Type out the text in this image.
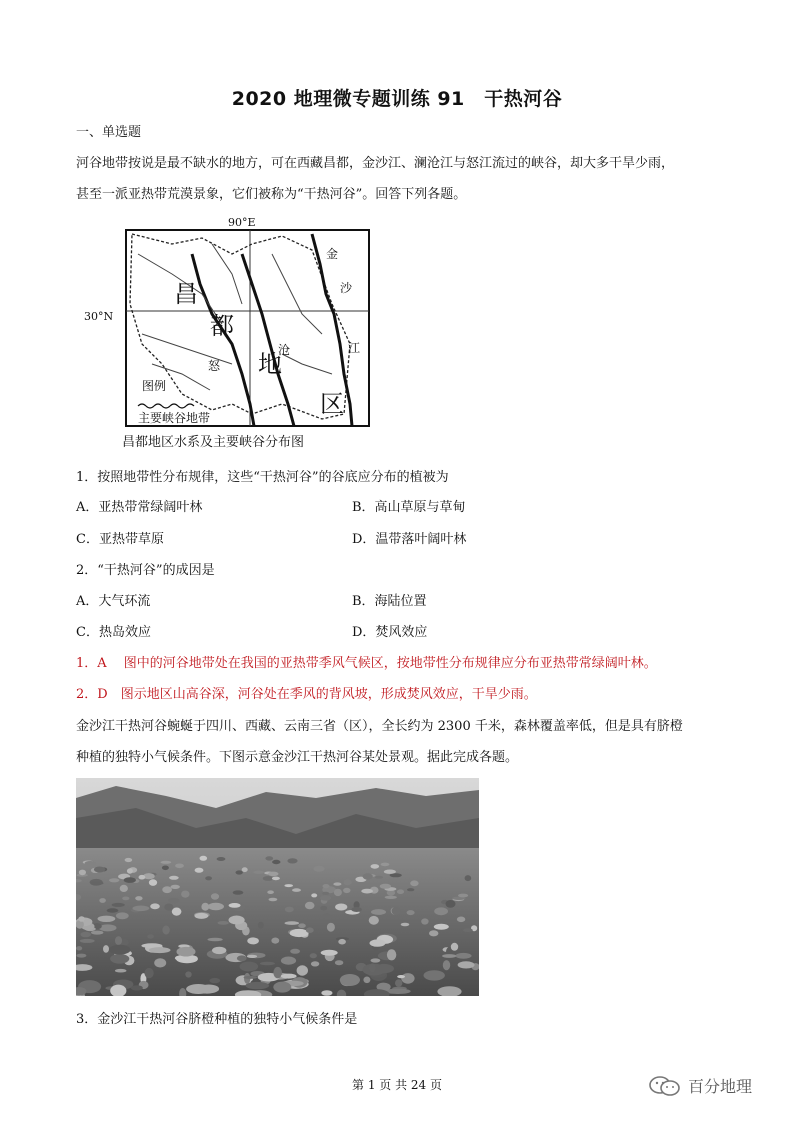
2020 地理微专题训练 91　干热河谷
一、单选题
河谷地带按说是最不缺水的地方，可在西藏昌都，金沙江、澜沧江与怒江流过的峡谷，却大多干旱少雨，
甚至一派亚热带荒漠景象，它们被称为“干热河谷”。回答下列各题。
90°E
30°N
昌
都
地
区
金
沙
江
怒
沧
图例
主要峡谷地带
昌都地区水系及主要峡谷分布图
1．按照地带性分布规律，这些“干热河谷”的谷底应分布的植被为
A．亚热带常绿阔叶林	B．高山草原与草甸
C．亚热带草原	D．温带落叶阔叶林
2．“干热河谷”的成因是
A．大气环流	B．海陆位置
C．热岛效应	D．焚风效应
1．A　 图中的河谷地带处在我国的亚热带季风气候区，按地带性分布规律应分布亚热带常绿阔叶林。
2．D　图示地区山高谷深，河谷处在季风的背风坡，形成焚风效应，干旱少雨。
金沙江干热河谷蜿蜒于四川、西藏、云南三省（区），全长约为 2300 千米，森林覆盖率低，但是具有脐橙
种植的独特小气候条件。下图示意金沙江干热河谷某处景观。据此完成各题。
3．金沙江干热河谷脐橙种植的独特小气候条件是
第 1 页 共 24 页	百分地理
